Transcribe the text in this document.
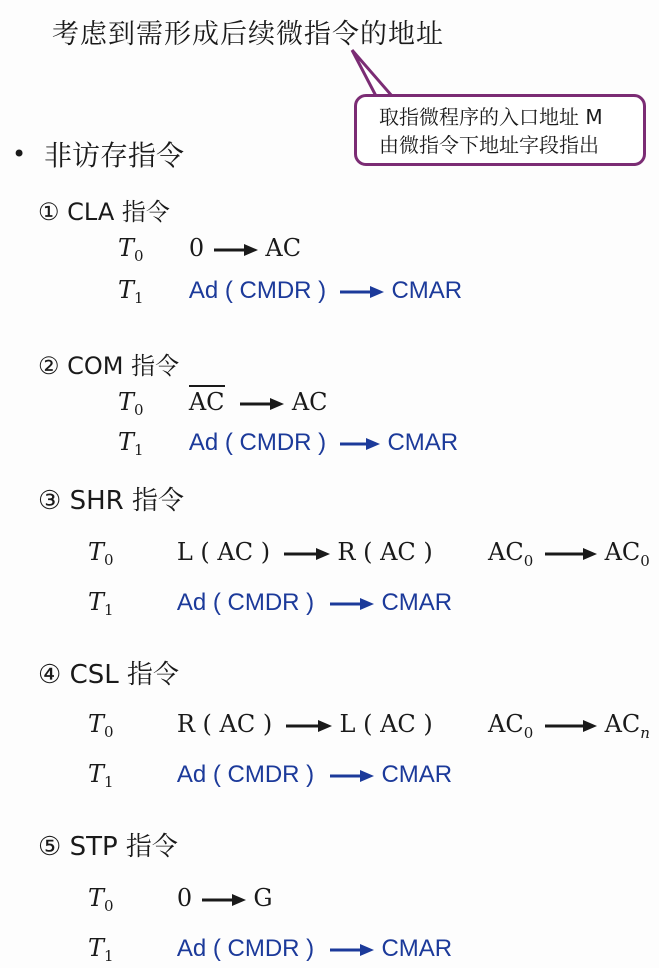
考虑到需形成后续微指令的地址
取指微程序的入口地址 M
由微指令下地址字段指出
• 非访存指令
① CLA 指令
$T_0$ 0	AC
$T_1$ Ad ( CMDR )	CMAR
② COM 指令
$T_0$ AC	AC
$T_1$ Ad ( CMDR )	CMAR
③ SHR 指令
$T_0$	L ( AC )	R ( AC ) $AC_0$	$AC_0$
$T_1$	Ad ( CMDR )	CMAR
④ CSL 指令
$T_0$	R ( AC )	L ( AC ) $AC_0$	$AC_n$
$T_1$	Ad ( CMDR )	CMAR
⑤ STP 指令
$T_0$	0	G
$T_1$	Ad ( CMDR )	CMAR
